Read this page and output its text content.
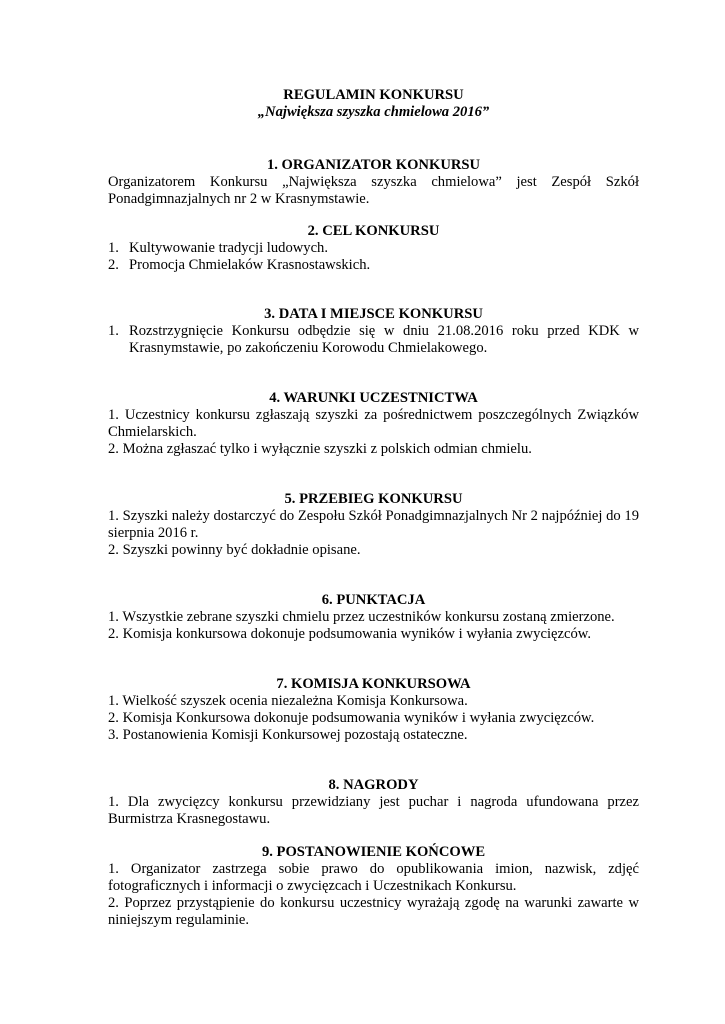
REGULAMIN KONKURSU
„Największa szyszka chmielowa 2016”
1. ORGANIZATOR KONKURSU

Organizatorem Konkursu „Największa szyszka chmielowa” jest Zespół Szkół Ponadgimnazjalnych nr 2 w Krasnymstawie.

2. CEL KONKURSU
1. Kultywowanie tradycji ludowych.
2. Promocja Chmielaków Krasnostawskich.
3. DATA I MIEJSCE KONKURSU
1. Rozstrzygnięcie Konkursu odbędzie się w dniu 21.08.2016 roku przed KDK w Krasnymstawie, po zakończeniu Korowodu Chmielakowego.
4. WARUNKI UCZESTNICTWA

1. Uczestnicy konkursu zgłaszają szyszki za pośrednictwem poszczególnych Związków Chmielarskich.

2. Można zgłaszać tylko i wyłącznie szyszki z polskich odmian chmielu.

5. PRZEBIEG KONKURSU

1. Szyszki należy dostarczyć do Zespołu Szkół Ponadgimnazjalnych Nr 2 najpóźniej do 19 sierpnia 2016 r.

2. Szyszki powinny być dokładnie opisane.

6. PUNKTACJA

1. Wszystkie zebrane szyszki chmielu przez uczestników konkursu zostaną zmierzone.

2. Komisja konkursowa dokonuje podsumowania wyników i wyłania zwycięzców.

7. KOMISJA KONKURSOWA

1. Wielkość szyszek ocenia niezależna Komisja Konkursowa.

2. Komisja Konkursowa dokonuje podsumowania wyników i wyłania zwycięzców.

3. Postanowienia Komisji Konkursowej pozostają ostateczne.

8. NAGRODY

1. Dla zwycięzcy konkursu przewidziany jest puchar i nagroda ufundowana przez Burmistrza Krasnegostawu.

9. POSTANOWIENIE KOŃCOWE

1. Organizator zastrzega sobie prawo do opublikowania imion, nazwisk, zdjęć fotograficznych i informacji o zwycięzcach i Uczestnikach Konkursu.

2. Poprzez przystąpienie do konkursu uczestnicy wyrażają zgodę na warunki zawarte w niniejszym regulaminie.
